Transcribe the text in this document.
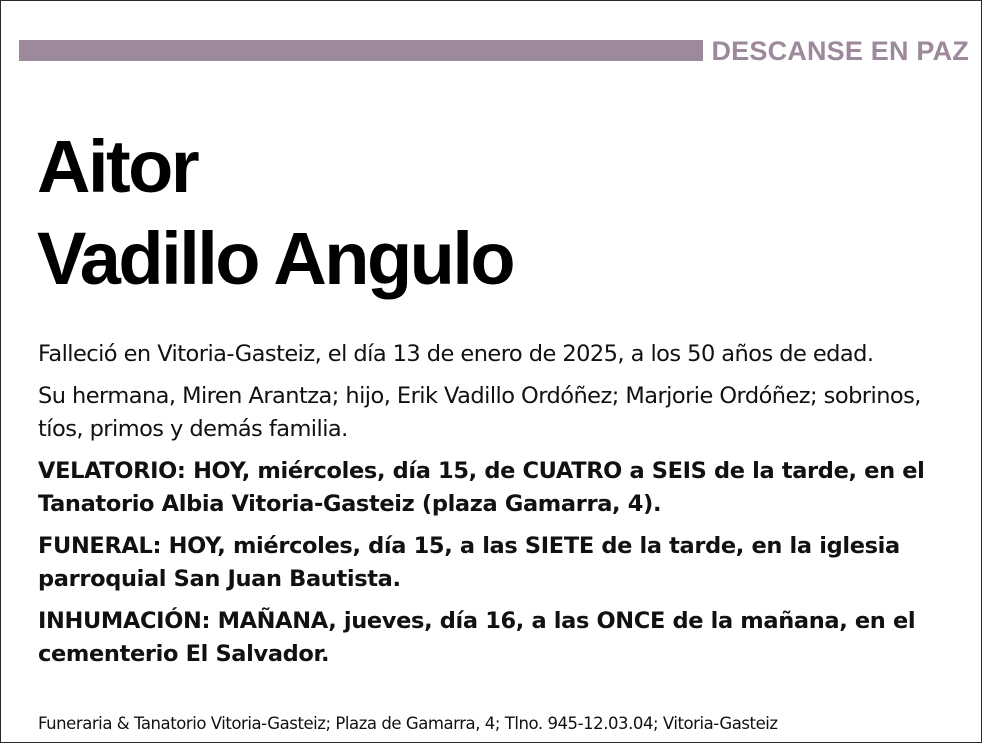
DESCANSE EN PAZ
Aitor
Vadillo Angulo

Falleció en Vitoria-Gasteiz, el día 13 de enero de 2025, a los 50 años de edad.

Su hermana, Miren Arantza; hijo, Erik Vadillo Ordóñez; Marjorie Ordóñez; sobrinos, tíos, primos y demás familia.

VELATORIO: HOY, miércoles, día 15, de CUATRO a SEIS de la tarde, en el Tanatorio Albia Vitoria-Gasteiz (plaza Gamarra, 4).

FUNERAL: HOY, miércoles, día 15, a las SIETE de la tarde, en la iglesia parroquial San Juan Bautista.

INHUMACIÓN: MAÑANA, jueves, día 16, a las ONCE de la mañana, en el cementerio El Salvador.

Funeraria & Tanatorio Vitoria-Gasteiz; Plaza de Gamarra, 4; Tlno. 945-12.03.04; Vitoria-Gasteiz
